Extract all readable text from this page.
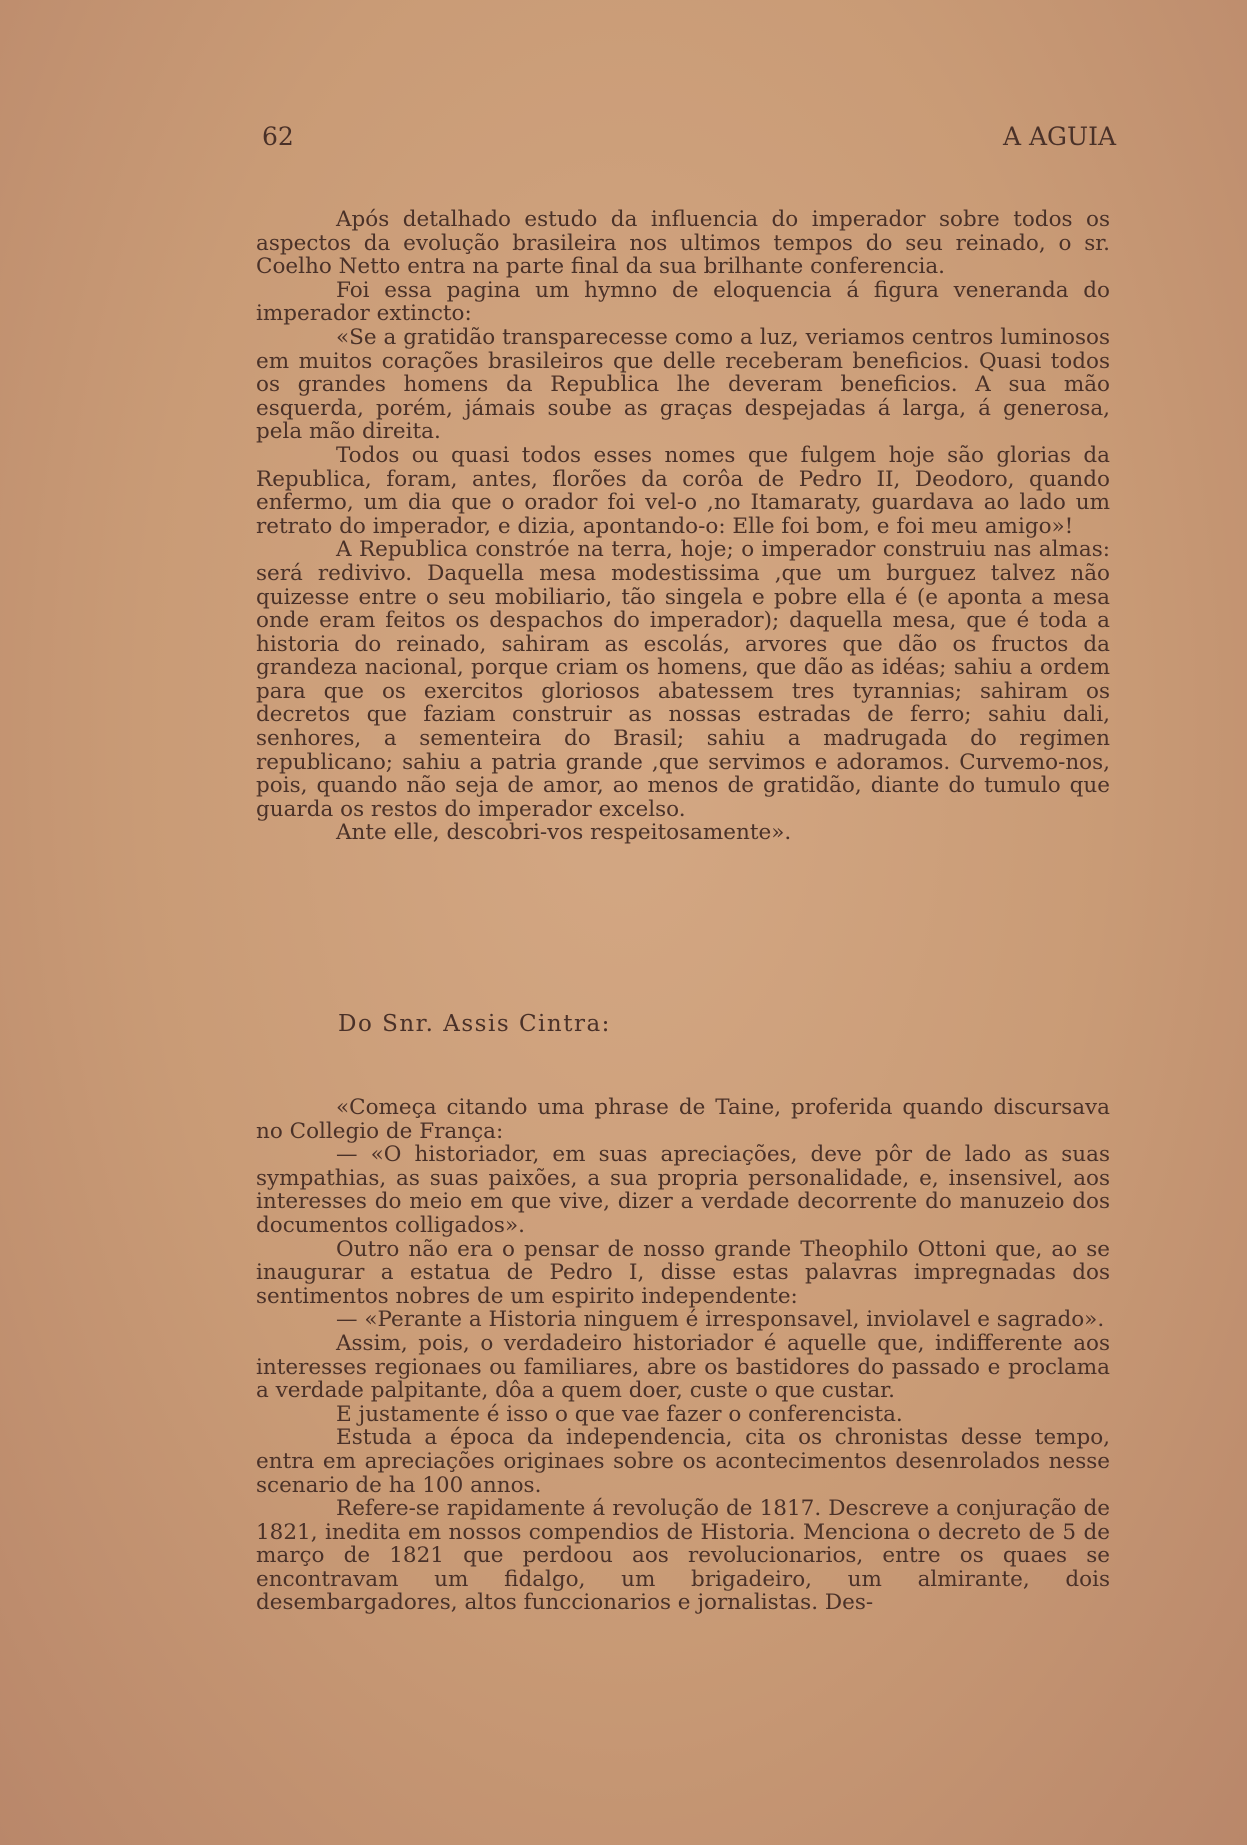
62	A AGUIA

Após detalhado estudo da influencia do imperador sobre todos os aspectos da evolução brasileira nos ultimos tempos do seu reinado, o sr. Coelho Netto entra na parte final da sua brilhante conferencia.

Foi essa pagina um hymno de eloquencia á figura veneranda do imperador extincto:

«Se a gratidão transparecesse como a luz, veriamos centros luminosos em muitos corações brasileiros que delle receberam beneficios. Quasi todos os grandes homens da Republica lhe deveram beneficios. A sua mão esquerda, porém, jámais soube as graças despejadas á larga, á generosa, pela mão direita.

Todos ou quasi todos esses nomes que fulgem hoje são glorias da Republica, foram, antes, florões da corôa de Pedro II, Deodoro, quando enfermo, um dia que o orador foi vel-o ,no Itamaraty, guardava ao lado um retrato do imperador, e dizia, apontando-o: Elle foi bom, e foi meu amigo»!

A Republica constróe na terra, hoje; o imperador construiu nas almas: será redivivo. Daquella mesa modestissima ,que um burguez talvez não quizesse entre o seu mobiliario, tão singela e pobre ella é (e aponta a mesa onde eram feitos os despachos do imperador); daquella mesa, que é toda a historia do reinado, sahiram as escolás, arvores que dão os fructos da grandeza nacional, porque criam os homens, que dão as idéas; sahiu a ordem para que os exercitos gloriosos abatessem tres tyrannias; sahiram os decretos que faziam construir as nossas estradas de ferro; sahiu dali, senhores, a sementeira do Brasil; sahiu a madrugada do regimen republicano; sahiu a patria grande ,que servimos e adoramos. Curvemo-nos, pois, quando não seja de amor, ao menos de gratidão, diante do tumulo que guarda os restos do imperador excelso.

Ante elle, descobri-vos respeitosamente».

Do Snr. Assis Cintra:

«Começa citando uma phrase de Taine, proferida quando discursava no Collegio de França:

— «O historiador, em suas apreciações, deve pôr de lado as suas sympathias, as suas paixões, a sua propria personalidade, e, insensivel, aos interesses do meio em que vive, dizer a verdade decorrente do manuzeio dos documentos colligados».

Outro não era o pensar de nosso grande Theophilo Ottoni que, ao se inaugurar a estatua de Pedro I, disse estas palavras impregnadas dos sentimentos nobres de um espirito independente:

— «Perante a Historia ninguem é irresponsavel, inviolavel e sagrado».

Assim, pois, o verdadeiro historiador é aquelle que, indifferente aos interesses regionaes ou familiares, abre os bastidores do passado e proclama a verdade palpitante, dôa a quem doer, custe o que custar.

E justamente é isso o que vae fazer o conferencista.

Estuda a época da independencia, cita os chronistas desse tempo, entra em apreciações originaes sobre os acontecimentos desenrolados nesse scenario de ha 100 annos.

Refere-se rapidamente á revolução de 1817. Descreve a conjuração de 1821, inedita em nossos compendios de Historia. Menciona o decreto de 5 de março de 1821 que perdoou aos revolucionarios, entre os quaes se encontravam um fidalgo, um brigadeiro, um almirante, dois desembargadores, altos funccionarios e jornalistas. Des-
